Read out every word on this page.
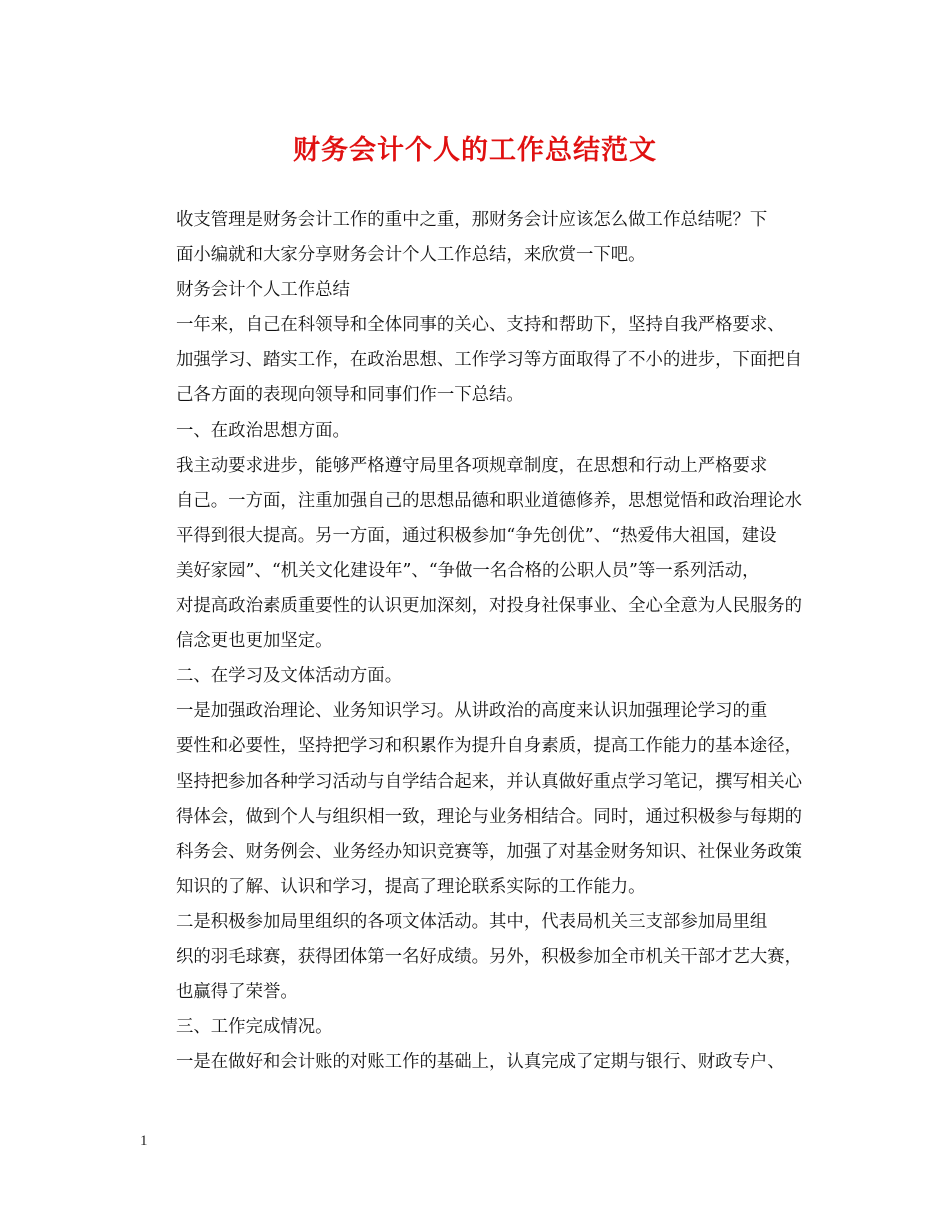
财务会计个人的工作总结范文

收支管理是财务会计工作的重中之重，那财务会计应该怎么做工作总结呢？下
面小编就和大家分享财务会计个人工作总结，来欣赏一下吧。

财务会计个人工作总结

一年来，自己在科领导和全体同事的关心、支持和帮助下，坚持自我严格要求、
加强学习、踏实工作，在政治思想、工作学习等方面取得了不小的进步，下面把自
己各方面的表现向领导和同事们作一下总结。

一、在政治思想方面。

我主动要求进步，能够严格遵守局里各项规章制度，在思想和行动上严格要求
自己。一方面，注重加强自己的思想品德和职业道德修养，思想觉悟和政治理论水
平得到很大提高。另一方面，通过积极参加“争先创优”、“热爱伟大祖国，建设
美好家园”、“机关文化建设年”、“争做一名合格的公职人员”等一系列活动，
对提高政治素质重要性的认识更加深刻，对投身社保事业、全心全意为人民服务的
信念更也更加坚定。

二、在学习及文体活动方面。

一是加强政治理论、业务知识学习。从讲政治的高度来认识加强理论学习的重
要性和必要性，坚持把学习和积累作为提升自身素质，提高工作能力的基本途径，
坚持把参加各种学习活动与自学结合起来，并认真做好重点学习笔记，撰写相关心
得体会，做到个人与组织相一致，理论与业务相结合。同时，通过积极参与每期的
科务会、财务例会、业务经办知识竞赛等，加强了对基金财务知识、社保业务政策
知识的了解、认识和学习，提高了理论联系实际的工作能力。

二是积极参加局里组织的各项文体活动。其中，代表局机关三支部参加局里组
织的羽毛球赛，获得团体第一名好成绩。另外，积极参加全市机关干部才艺大赛，
也赢得了荣誉。

三、工作完成情况。

一是在做好和会计账的对账工作的基础上，认真完成了定期与银行、财政专户、

1
